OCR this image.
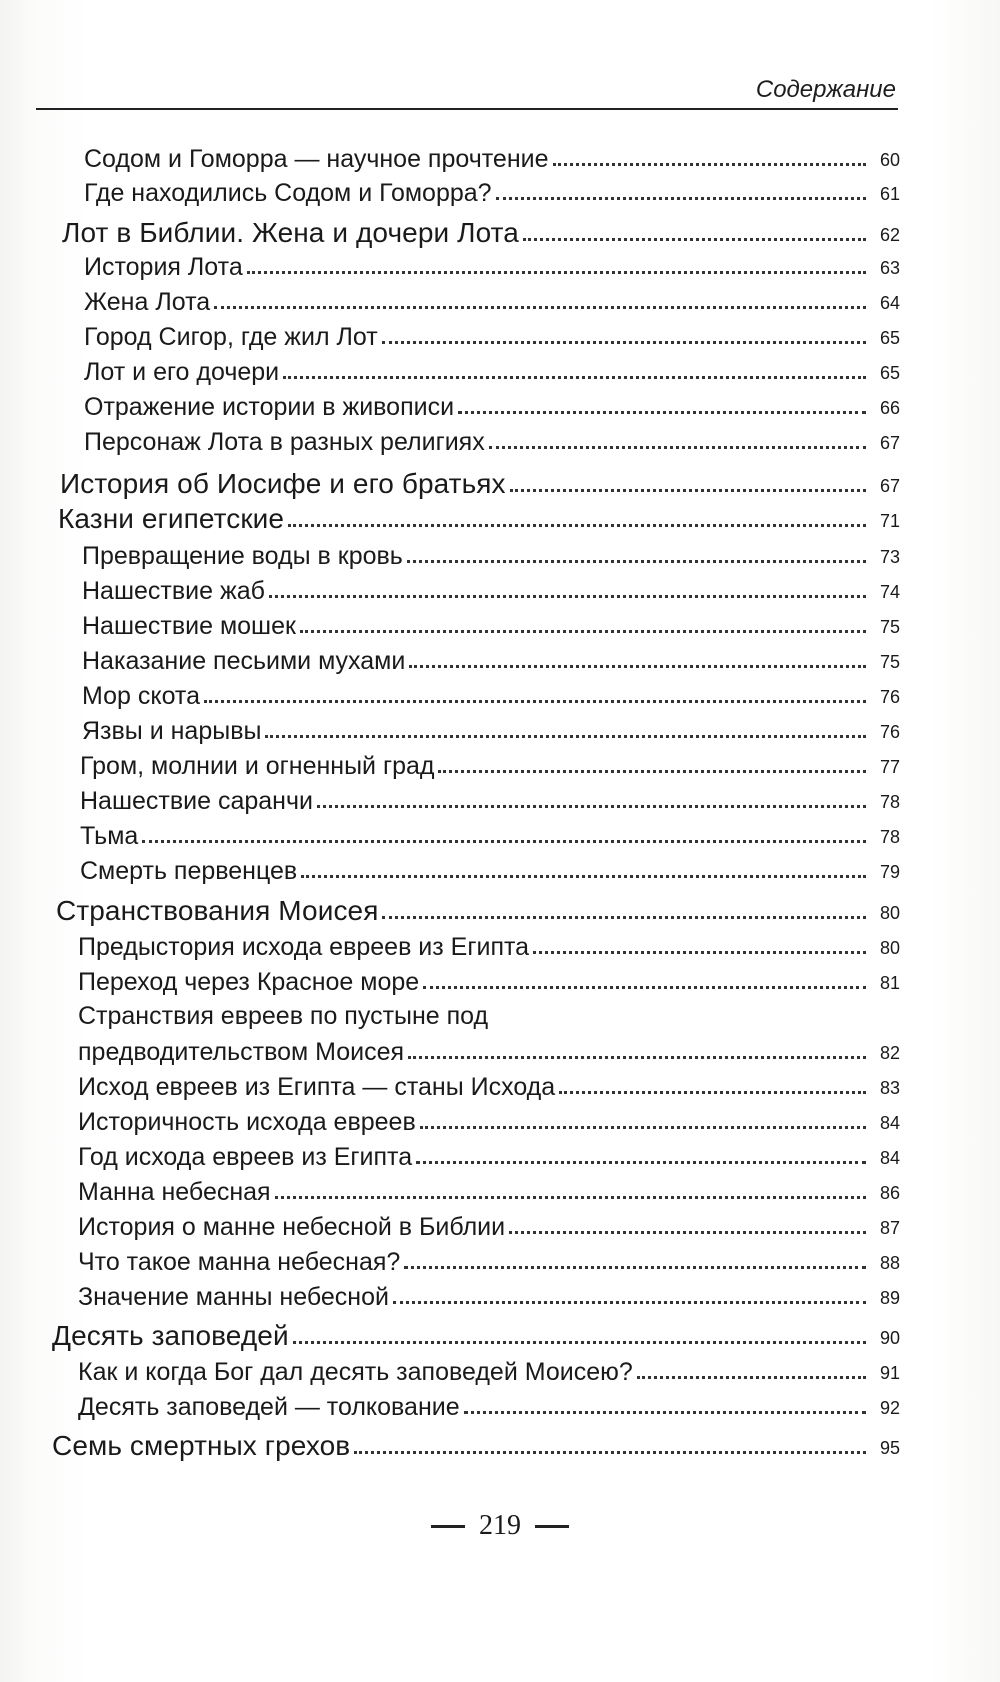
Содержание
Содом и Гоморра — научное прочтение	60
Где находились Содом и Гоморра?	61
Лот в Библии. Жена и дочери Лота	62
История Лота	63
Жена Лота	64
Город Сигор, где жил Лот	65
Лот и его дочери	65
Отражение истории в живописи	66
Персонаж Лота в разных религиях	67
История об Иосифе и его братьях	67
Казни египетские	71
Превращение воды в кровь	73
Нашествие жаб	74
Нашествие мошек	75
Наказание песьими мухами	75
Мор скота	76
Язвы и нарывы	76
Гром, молнии и огненный град	77
Нашествие саранчи	78
Тьма	78
Смерть первенцев	79
Странствования Моисея	80
Предыстория исхода евреев из Египта	80
Переход через Красное море	81
Странствия евреев по пустыне под
предводительством Моисея	82
Исход евреев из Египта — станы Исхода	83
Историчность исхода евреев	84
Год исхода евреев из Египта	84
Манна небесная	86
История о манне небесной в Библии	87
Что такое манна небесная?	88
Значение манны небесной	89
Десять заповедей	90
Как и когда Бог дал десять заповедей Моисею?	91
Десять заповедей — толкование	92
Семь смертных грехов	95
219
